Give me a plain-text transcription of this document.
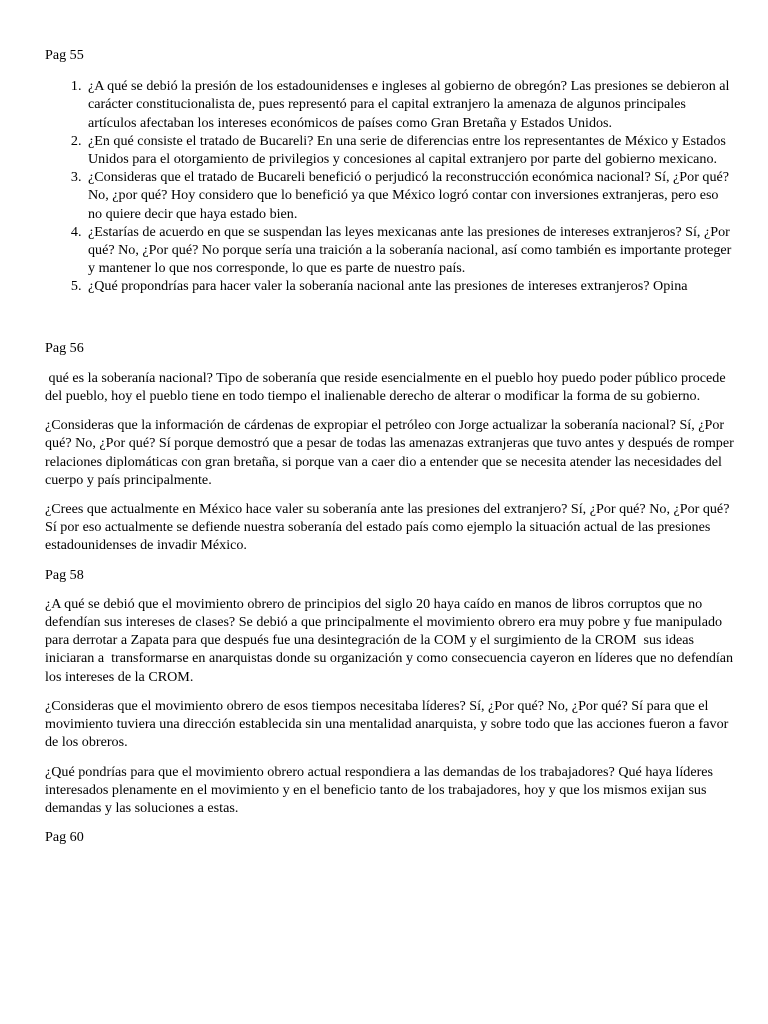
Pag 55
1. ¿A qué se debió la presión de los estadounidenses e ingleses al gobierno de obregón? Las presiones se debieron al carácter constitucionalista de, pues representó para el capital extranjero la amenaza de algunos principales artículos afectaban los intereses económicos de países como Gran Bretaña y Estados Unidos.
2. ¿En qué consiste el tratado de Bucareli? En una serie de diferencias entre los representantes de México y Estados Unidos para el otorgamiento de privilegios y concesiones al capital extranjero por parte del gobierno mexicano.
3. ¿Consideras que el tratado de Bucareli benefició o perjudicó la reconstrucción económica nacional? Sí, ¿Por qué? No, ¿por qué? Hoy considero que lo benefició ya que México logró contar con inversiones extranjeras, pero eso no quiere decir que haya estado bien.
4. ¿Estarías de acuerdo en que se suspendan las leyes mexicanas ante las presiones de intereses extranjeros? Sí, ¿Por qué? No, ¿Por qué? No porque sería una traición a la soberanía nacional, así como también es importante proteger y mantener lo que nos corresponde, lo que es parte de nuestro país.
5. ¿Qué propondrías para hacer valer la soberanía nacional ante las presiones de intereses extranjeros? Opina
Pag 56

qué es la soberanía nacional? Tipo de soberanía que reside esencialmente en el pueblo hoy puedo poder público procede del pueblo, hoy el pueblo tiene en todo tiempo el inalienable derecho de alterar o modificar la forma de su gobierno.

¿Consideras que la información de cárdenas de expropiar el petróleo con Jorge actualizar la soberanía nacional? Sí, ¿Por qué? No, ¿Por qué? Sí porque demostró que a pesar de todas las amenazas extranjeras que tuvo antes y después de romper relaciones diplomáticas con gran bretaña, si porque van a caer dio a entender que se necesita atender las necesidades del cuerpo y país principalmente.

¿Crees que actualmente en México hace valer su soberanía ante las presiones del extranjero? Sí, ¿Por qué? No, ¿Por qué? Sí por eso actualmente se defiende nuestra soberanía del estado país como ejemplo la situación actual de las presiones estadounidenses de invadir México.

Pag 58

¿A qué se debió que el movimiento obrero de principios del siglo 20 haya caído en manos de libros corruptos que no defendían sus intereses de clases? Se debió a que principalmente el movimiento obrero era muy pobre y fue manipulado para derrotar a Zapata para que después fue una desintegración de la COM y el surgimiento de la CROM  sus ideas iniciaran a  transformarse en anarquistas donde su organización y como consecuencia cayeron en líderes que no defendían los intereses de la CROM.

¿Consideras que el movimiento obrero de esos tiempos necesitaba líderes? Sí, ¿Por qué? No, ¿Por qué? Sí para que el movimiento tuviera una dirección establecida sin una mentalidad anarquista, y sobre todo que las acciones fueron a favor de los obreros.

¿Qué pondrías para que el movimiento obrero actual respondiera a las demandas de los trabajadores? Qué haya líderes interesados plenamente en el movimiento y en el beneficio tanto de los trabajadores, hoy y que los mismos exijan sus demandas y las soluciones a estas.

Pag 60
